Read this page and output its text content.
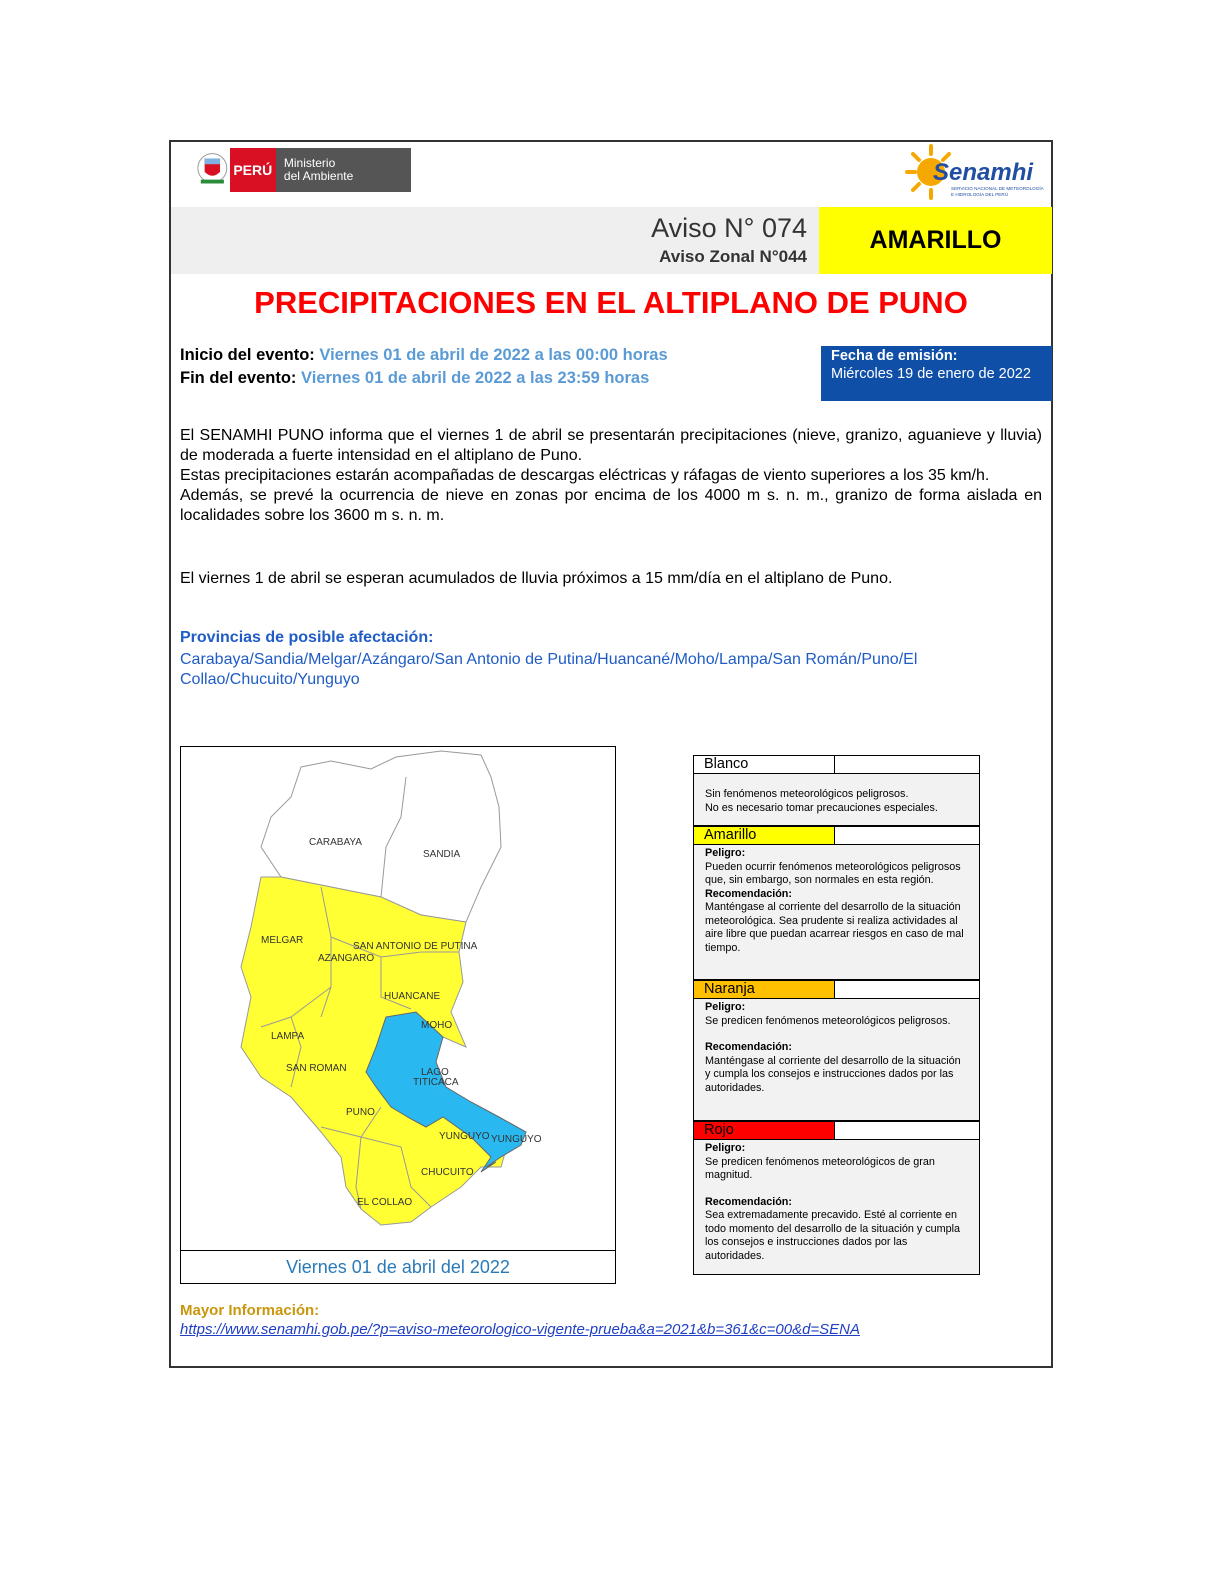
PERÚ Ministerio
del Ambiente	Senamhi
SERVICIO NACIONAL DE METEOROLOGÍA
E HIDROLOGÍA DEL PERÚ
Aviso N° 074
Aviso Zonal N°044
AMARILLO
PRECIPITACIONES EN EL ALTIPLANO DE PUNO
Inicio del evento: Viernes 01 de abril de 2022 a las 00:00 horas
Fin del evento: Viernes 01 de abril de 2022 a las 23:59 horas
Fecha de emisión:
Miércoles 19 de enero de 2022

El SENAMHI PUNO informa que el viernes 1 de abril se presentarán precipitaciones (nieve, granizo, aguanieve y lluvia) de moderada a fuerte intensidad en el altiplano de Puno.

Estas precipitaciones estarán acompañadas de descargas eléctricas y ráfagas de viento superiores a los 35 km/h.

Además, se prevé la ocurrencia de nieve en zonas por encima de los 4000 m s. n. m., granizo de forma aislada en localidades sobre los 3600 m s. n. m.

El viernes 1 de abril se esperan acumulados de lluvia próximos a 15 mm/día en el altiplano de Puno.
Provincias de posible afectación:
Carabaya/Sandia/Melgar/Azángaro/San Antonio de Putina/Huancané/Moho/Lampa/San Román/Puno/El Collao/Chucuito/Yunguyo
CARABAYA
SANDIA
MELGAR
SAN ANTONIO DE PUTINA
AZANGARO
HUANCANE
MOHO
LAMPA
SAN ROMAN	LAGO
TITICACA
PUNO
YUNGUYO YUNGUYO
CHUCUITO
EL COLLAO
Viernes 01 de abril del 2022
Blanco
Sin fenómenos meteorológicos peligrosos.
No es necesario tomar precauciones especiales.
Amarillo
Peligro:
Pueden ocurrir fenómenos meteorológicos peligrosos que, sin embargo, son normales en esta región.
Recomendación:
Manténgase al corriente del desarrollo de la situación meteorológica. Sea prudente si realiza actividades al aire libre que puedan acarrear riesgos en caso de mal tiempo.
Naranja
Peligro:
Se predicen fenómenos meteorológicos peligrosos.
Recomendación:
Manténgase al corriente del desarrollo de la situación y cumpla los consejos e instrucciones dados por las autoridades.
Rojo
Peligro:
Se predicen fenómenos meteorológicos de gran magnitud.
Recomendación:
Sea extremadamente precavido. Esté al corriente en todo momento del desarrollo de la situación y cumpla los consejos e instrucciones dados por las autoridades.
Mayor Información:
https://www.senamhi.gob.pe/?p=aviso-meteorologico-vigente-prueba&a=2021&b=361&c=00&d=SENA
